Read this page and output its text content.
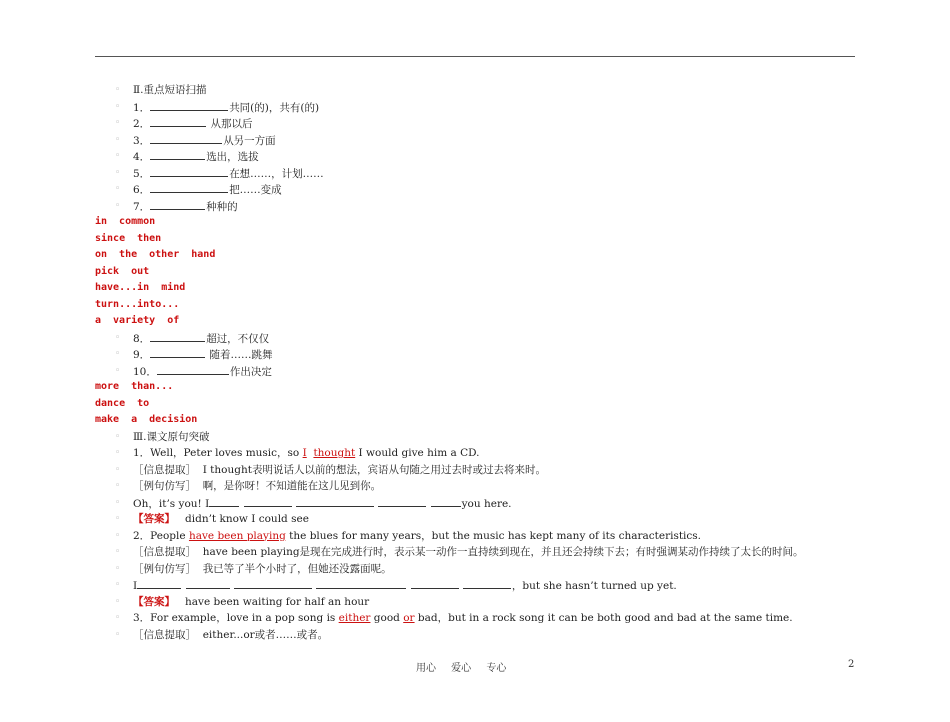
◦ Ⅱ.重点短语扫描
◦ 1．	共同(的)，共有(的)
◦ 2．	从那以后
◦ 3．	从另一方面
◦ 4．	选出，选拔
◦ 5．	在想……，计划……
◦ 6．	把……变成
◦ 7．	种种的
in common
since then
on the other hand
pick out
have...in mind
turn...into...
a variety of
◦ 8．	超过，不仅仅
◦ 9．	随着……跳舞
◦ 10．	作出决定
more than...
dance to
make a decision
◦ Ⅲ.课文原句突破
◦ 1．Well，Peter loves music，so I thought I would give him a CD.
◦ ［信息提取］ I thought表明说话人以前的想法，宾语从句随之用过去时或过去将来时。
◦ ［例句仿写］ 啊，是你呀！不知道能在这儿见到你。
◦ Oh，it’s you! I	you here.
◦ 【答案】 didn’t know I could see
◦ 2．People have been playing the blues for many years，but the music has kept many of its characteristics.
◦ ［信息提取］ have been playing是现在完成进行时，表示某一动作一直持续到现在，并且还会持续下去；有时强调某动作持续了太长的时间。
◦ ［例句仿写］ 我已等了半个小时了，但她还没露面呢。
◦ I	，but she hasn’t turned up yet.
◦ 【答案】 have been waiting for half an hour
◦ 3．For example，love in a pop song is either good or bad，but in a rock song it can be both good and bad at the same time.
◦ ［信息提取］ either...or或者……或者。
用心 爱心 专心	2
